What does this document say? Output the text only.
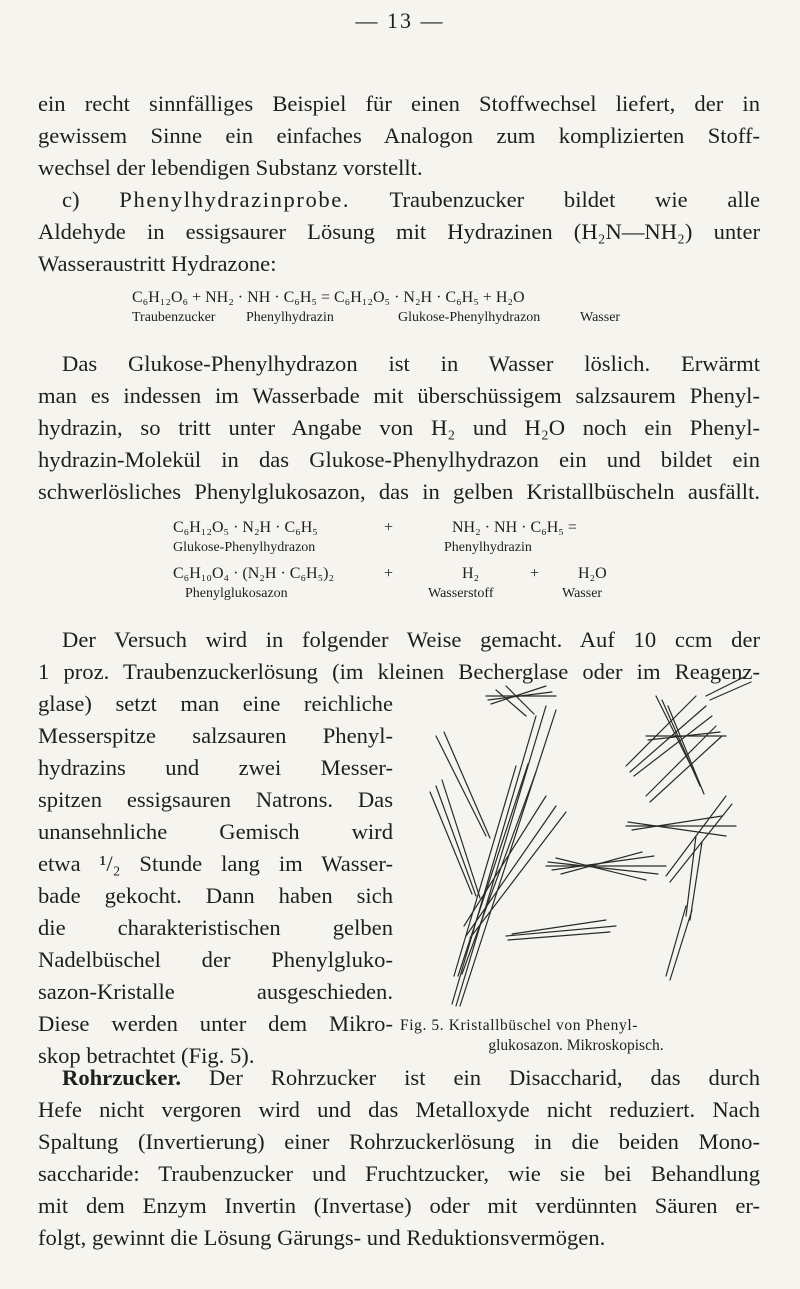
— 13 —
ein recht sinnfälliges Beispiel für einen Stoffwechsel liefert, der in
gewissem Sinne ein einfaches Analogon zum komplizierten Stoff-
wechsel der lebendigen Substanz vorstellt.
c) Phenylhydrazinprobe. Traubenzucker bildet wie alle
Aldehyde in essigsaurer Lösung mit Hydrazinen (H₂N—NH₂) unter
Wasseraustritt Hydrazone:
C₆H₁₂O₆ + NH₂ · NH · C₆H₅ = C₆H₁₂O₅ · N₂H · C₆H₅ + H₂O
Traubenzucker Phenylhydrazin	Glukose-Phenylhydrazon	Wasser
Das Glukose-Phenylhydrazon ist in Wasser löslich. Erwärmt
man es indessen im Wasserbade mit überschüssigem salzsaurem Phenyl-
hydrazin, so tritt unter Angabe von H₂ und H₂O noch ein Phenyl-
hydrazin-Molekül in das Glukose-Phenylhydrazon ein und bildet ein
schwerlösliches Phenylglukosazon, das in gelben Kristallbüscheln ausfällt.
C₆H₁₂O₅ · N₂H · C₆H₅
Glukose-Phenylhydrazon
+	NH₂ · NH · C₆H₅ =
Phenylhydrazin
C₆H₁₀O₄ · (N₂H · C₆H₅)₂
Phenylglukosazon
+	H₂
Wasserstoff
+ H₂O
Wasser
Der Versuch wird in folgender Weise gemacht. Auf 10 ccm der
1 proz. Traubenzuckerlösung (im kleinen Becherglase oder im Reagenz-
glase) setzt man eine reichliche
Messerspitze salzsauren Phenyl-
hydrazins und zwei Messer-
spitzen essigsauren Natrons. Das
unansehnliche Gemisch wird
etwa ¹/₂ Stunde lang im Wasser-
bade gekocht. Dann haben sich
die charakteristischen gelben
Nadelbüschel der Phenylgluko-
sazon-Kristalle ausgeschieden.
Diese werden unter dem Mikro-
skop betrachtet (Fig. 5).
Fig. 5. Kristallbüschel von Phenyl-
glukosazon. Mikroskopisch.
Rohrzucker. Der Rohrzucker ist ein Disaccharid, das durch
Hefe nicht vergoren wird und das Metalloxyde nicht reduziert. Nach
Spaltung (Invertierung) einer Rohrzuckerlösung in die beiden Mono-
saccharide: Traubenzucker und Fruchtzucker, wie sie bei Behandlung
mit dem Enzym Invertin (Invertase) oder mit verdünnten Säuren er-
folgt, gewinnt die Lösung Gärungs- und Reduktionsvermögen.
